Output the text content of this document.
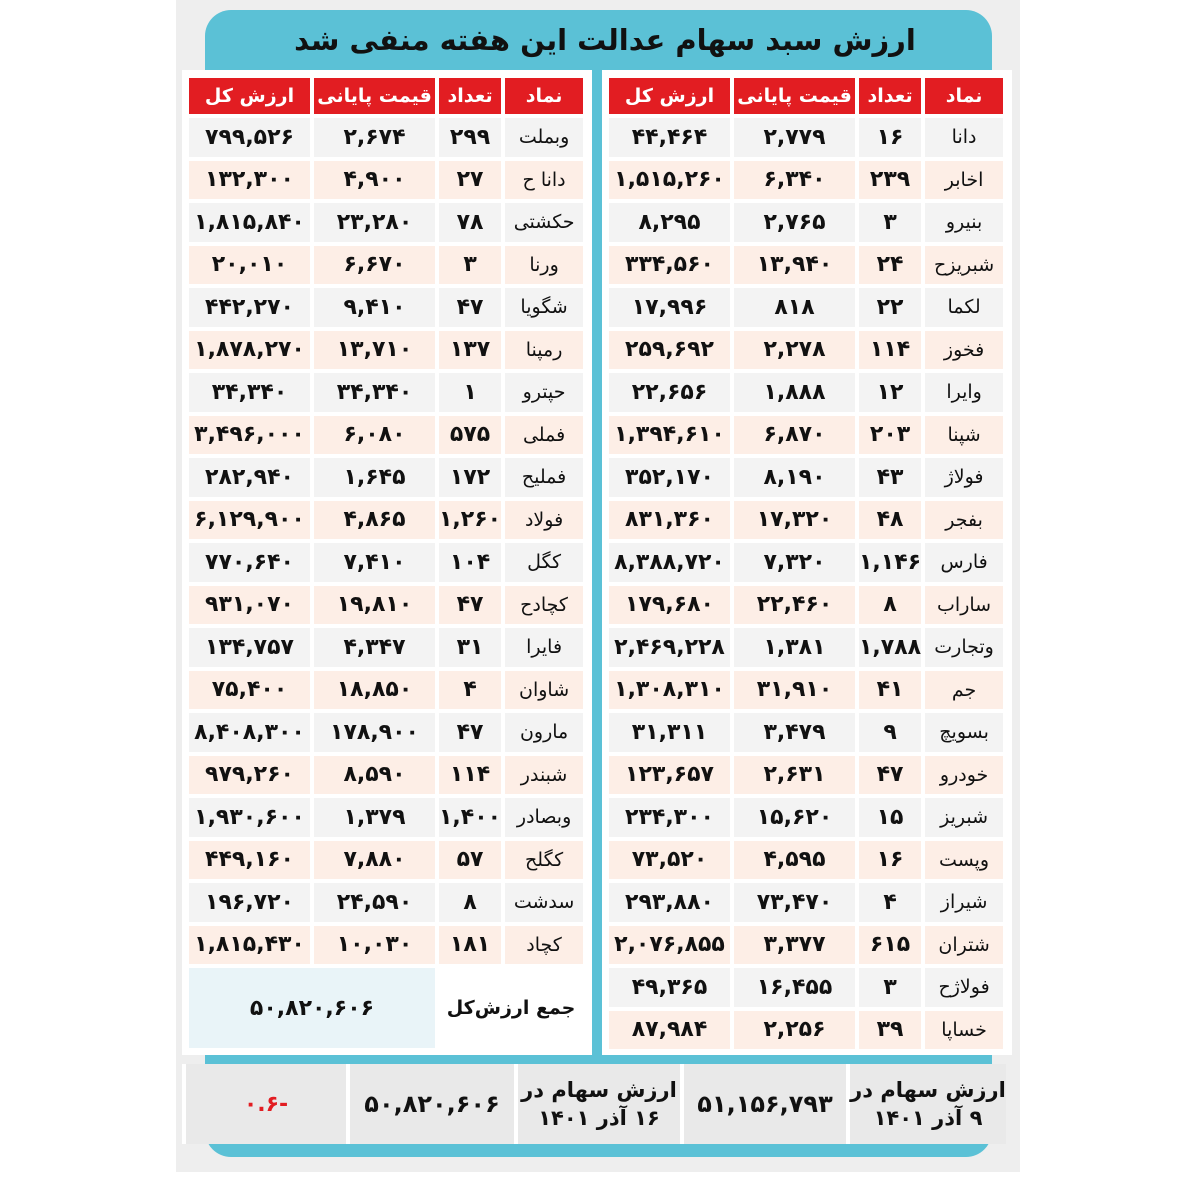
ارزش سبد سهام عدالت این هفته منفی شد
نماد	تعداد	قیمت پایانی	ارزش کل
دانا	۱۶	۲,۷۷۹	۴۴,۴۶۴
اخابر	۲۳۹	۶,۳۴۰	۱,۵۱۵,۲۶۰
بنیرو	۳	۲,۷۶۵	۸,۲۹۵
شبریزح	۲۴	۱۳,۹۴۰	۳۳۴,۵۶۰
لکما	۲۲	۸۱۸	۱۷,۹۹۶
فخوز	۱۱۴	۲,۲۷۸	۲۵۹,۶۹۲
وایرا	۱۲	۱,۸۸۸	۲۲,۶۵۶
شپنا	۲۰۳	۶,۸۷۰	۱,۳۹۴,۶۱۰
فولاژ	۴۳	۸,۱۹۰	۳۵۲,۱۷۰
بفجر	۴۸	۱۷,۳۲۰	۸۳۱,۳۶۰
فارس	۱,۱۴۶	۷,۳۲۰	۸,۳۸۸,۷۲۰
ساراب	۸	۲۲,۴۶۰	۱۷۹,۶۸۰
وتجارت	۱,۷۸۸	۱,۳۸۱	۲,۴۶۹,۲۲۸
جم	۴۱	۳۱,۹۱۰	۱,۳۰۸,۳۱۰
بسویچ	۹	۳,۴۷۹	۳۱,۳۱۱
خودرو	۴۷	۲,۶۳۱	۱۲۳,۶۵۷
شبریز	۱۵	۱۵,۶۲۰	۲۳۴,۳۰۰
وپست	۱۶	۴,۵۹۵	۷۳,۵۲۰
شیراز	۴	۷۳,۴۷۰	۲۹۳,۸۸۰
شتران	۶۱۵	۳,۳۷۷	۲,۰۷۶,۸۵۵
فولاژح	۳	۱۶,۴۵۵	۴۹,۳۶۵
خساپا	۳۹	۲,۲۵۶	۸۷,۹۸۴
نماد	تعداد	قیمت پایانی	ارزش کل
وبملت	۲۹۹	۲,۶۷۴	۷۹۹,۵۲۶
دانا ح	۲۷	۴,۹۰۰	۱۳۲,۳۰۰
حکشتی	۷۸	۲۳,۲۸۰	۱,۸۱۵,۸۴۰
ورنا	۳	۶,۶۷۰	۲۰,۰۱۰
شگویا	۴۷	۹,۴۱۰	۴۴۲,۲۷۰
رمپنا	۱۳۷	۱۳,۷۱۰	۱,۸۷۸,۲۷۰
حپترو	۱	۳۴,۳۴۰	۳۴,۳۴۰
فملی	۵۷۵	۶,۰۸۰	۳,۴۹۶,۰۰۰
فملیح	۱۷۲	۱,۶۴۵	۲۸۲,۹۴۰
فولاد	۱,۲۶۰	۴,۸۶۵	۶,۱۲۹,۹۰۰
کگل	۱۰۴	۷,۴۱۰	۷۷۰,۶۴۰
کچادح	۴۷	۱۹,۸۱۰	۹۳۱,۰۷۰
فایرا	۳۱	۴,۳۴۷	۱۳۴,۷۵۷
شاوان	۴	۱۸,۸۵۰	۷۵,۴۰۰
مارون	۴۷	۱۷۸,۹۰۰	۸,۴۰۸,۳۰۰
شبندر	۱۱۴	۸,۵۹۰	۹۷۹,۲۶۰
وبصادر	۱,۴۰۰	۱,۳۷۹	۱,۹۳۰,۶۰۰
کگلح	۵۷	۷,۸۸۰	۴۴۹,۱۶۰
سدشت	۸	۲۴,۵۹۰	۱۹۶,۷۲۰
کچاد	۱۸۱	۱۰,۰۳۰	۱,۸۱۵,۴۳۰
جمع ارزش‌کل		۵۰,۸۲۰,۶۰۶	
ارزش سهام در ۹ آذر ۱۴۰۱
۵۱,۱۵۶,۷۹۳
ارزش سهام در ۱۶ آذر ۱۴۰۱
۵۰,۸۲۰,۶۰۶
-۰.۶
